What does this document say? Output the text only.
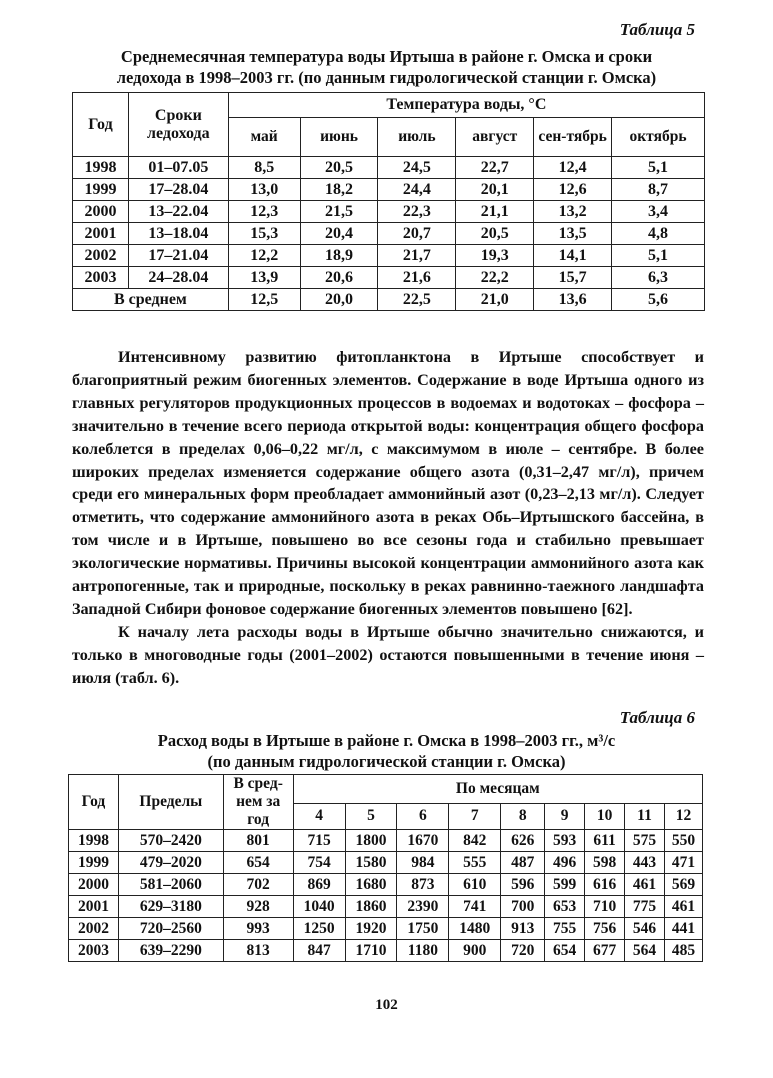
Таблица 5
Среднемесячная температура воды Иртыша в районе г. Омска и сроки
ледохода в 1998–2003 гг. (по данным гидрологической станции г. Омска)
Год	Сроки ледохода	Температура воды, °С					
		май	июнь	июль	август	сен-тябрь	октябрь
1998	01–07.05	8,5	20,5	24,5	22,7	12,4	5,1
1999	17–28.04	13,0	18,2	24,4	20,1	12,6	8,7
2000	13–22.04	12,3	21,5	22,3	21,1	13,2	3,4
2001	13–18.04	15,3	20,4	20,7	20,5	13,5	4,8
2002	17–21.04	12,2	18,9	21,7	19,3	14,1	5,1
2003	24–28.04	13,9	20,6	21,6	22,2	15,7	6,3
В среднем		12,5	20,0	22,5	21,0	13,6	5,6

Интенсивному развитию фитопланктона в Иртыше способствует и благоприятный режим биогенных элементов. Содержание в воде Иртыша одного из главных регуляторов продукционных процессов в водоемах и водотоках – фосфора – значительно в течение всего периода открытой воды: концентрация общего фосфора колеблется в пределах 0,06–0,22 мг/л, с максимумом в июле – сентябре. В более широких пределах изменяется содержание общего азота (0,31–2,47 мг/л), причем среди его минеральных форм преобладает аммонийный азот (0,23–2,13 мг/л). Следует отметить, что содержание аммонийного азота в реках Обь–Иртышского бассейна, в том числе и в Иртыше, повышено во все сезоны года и стабильно превышает экологические нормативы. Причины высокой концентрации аммонийного азота как антропогенные, так и природные, поскольку в реках равнинно-таежного ландшафта Западной Сибири фоновое содержание биогенных элементов повышено [62].

К началу лета расходы воды в Иртыше обычно значительно снижаются, и только в многоводные годы (2001–2002) остаются повышенными в течение июня – июля (табл. 6).

Таблица 6
Расход воды в Иртыше в районе г. Омска в 1998–2003 гг., м³/с
(по данным гидрологической станции г. Омска)
Год	Пределы	В сред-нем за год	По месяцам								
			4	5	6	7	8	9	10	11	12
1998	570–2420	801	715	1800	1670	842	626	593	611	575	550
1999	479–2020	654	754	1580	984	555	487	496	598	443	471
2000	581–2060	702	869	1680	873	610	596	599	616	461	569
2001	629–3180	928	1040	1860	2390	741	700	653	710	775	461
2002	720–2560	993	1250	1920	1750	1480	913	755	756	546	441
2003	639–2290	813	847	1710	1180	900	720	654	677	564	485
102
